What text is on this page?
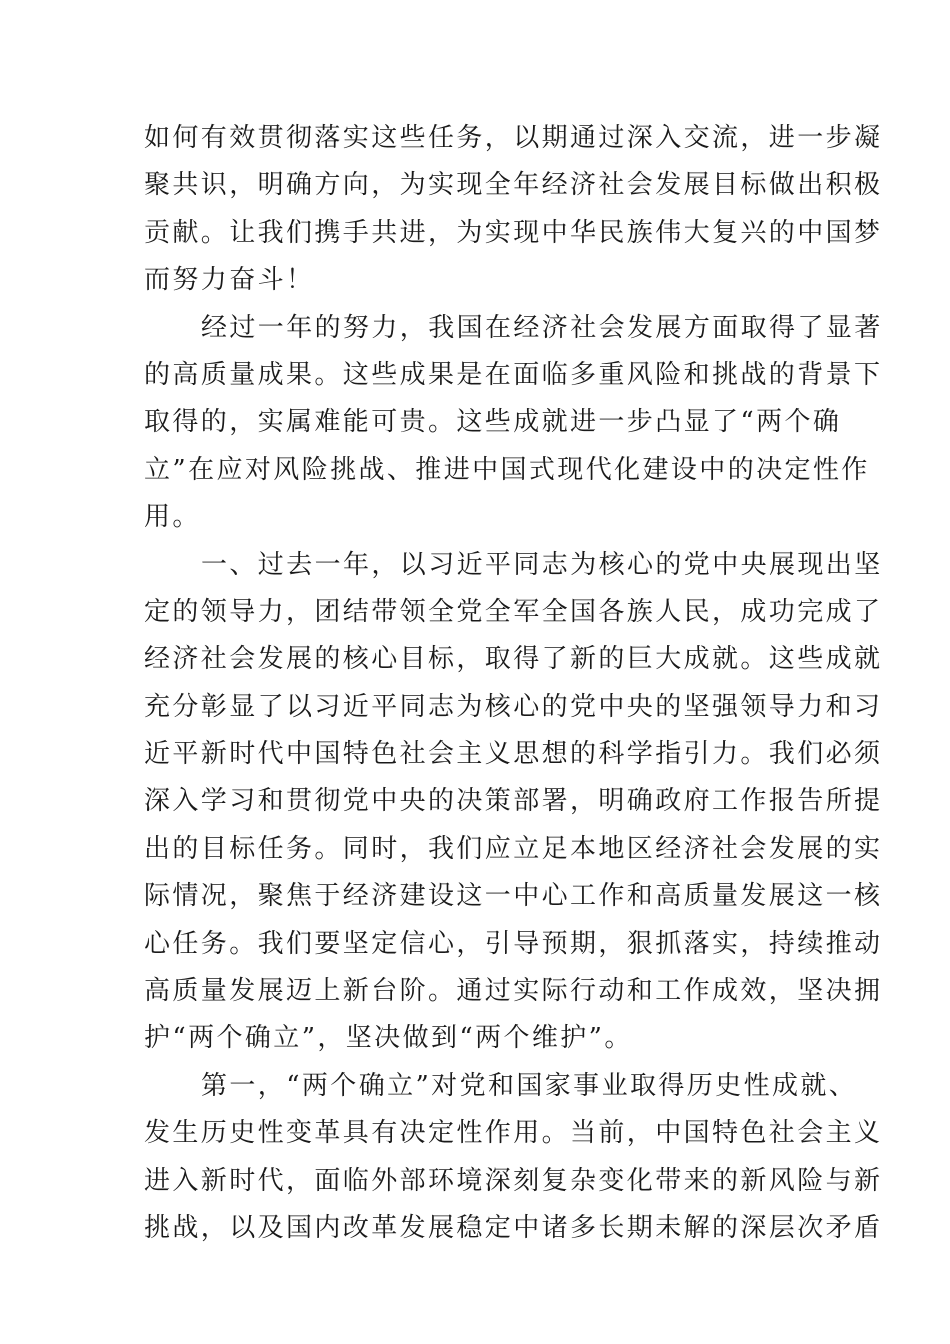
如何有效贯彻落实这些任务，以期通过深入交流，进一步凝
聚共识，明确方向，为实现全年经济社会发展目标做出积极
贡献。让我们携手共进，为实现中华民族伟大复兴的中国梦
而努力奋斗！
经过一年的努力，我国在经济社会发展方面取得了显著
的高质量成果。这些成果是在面临多重风险和挑战的背景下
取得的，实属难能可贵。这些成就进一步凸显了“两个确
立”在应对风险挑战、推进中国式现代化建设中的决定性作
用。
一、过去一年，以习近平同志为核心的党中央展现出坚
定的领导力，团结带领全党全军全国各族人民，成功完成了
经济社会发展的核心目标，取得了新的巨大成就。这些成就
充分彰显了以习近平同志为核心的党中央的坚强领导力和习
近平新时代中国特色社会主义思想的科学指引力。我们必须
深入学习和贯彻党中央的决策部署，明确政府工作报告所提
出的目标任务。同时，我们应立足本地区经济社会发展的实
际情况，聚焦于经济建设这一中心工作和高质量发展这一核
心任务。我们要坚定信心，引导预期，狠抓落实，持续推动
高质量发展迈上新台阶。通过实际行动和工作成效，坚决拥
护“两个确立”，坚决做到“两个维护”。
第一，“两个确立”对党和国家事业取得历史性成就、
发生历史性变革具有决定性作用。当前，中国特色社会主义
进入新时代，面临外部环境深刻复杂变化带来的新风险与新
挑战，以及国内改革发展稳定中诸多长期未解的深层次矛盾
